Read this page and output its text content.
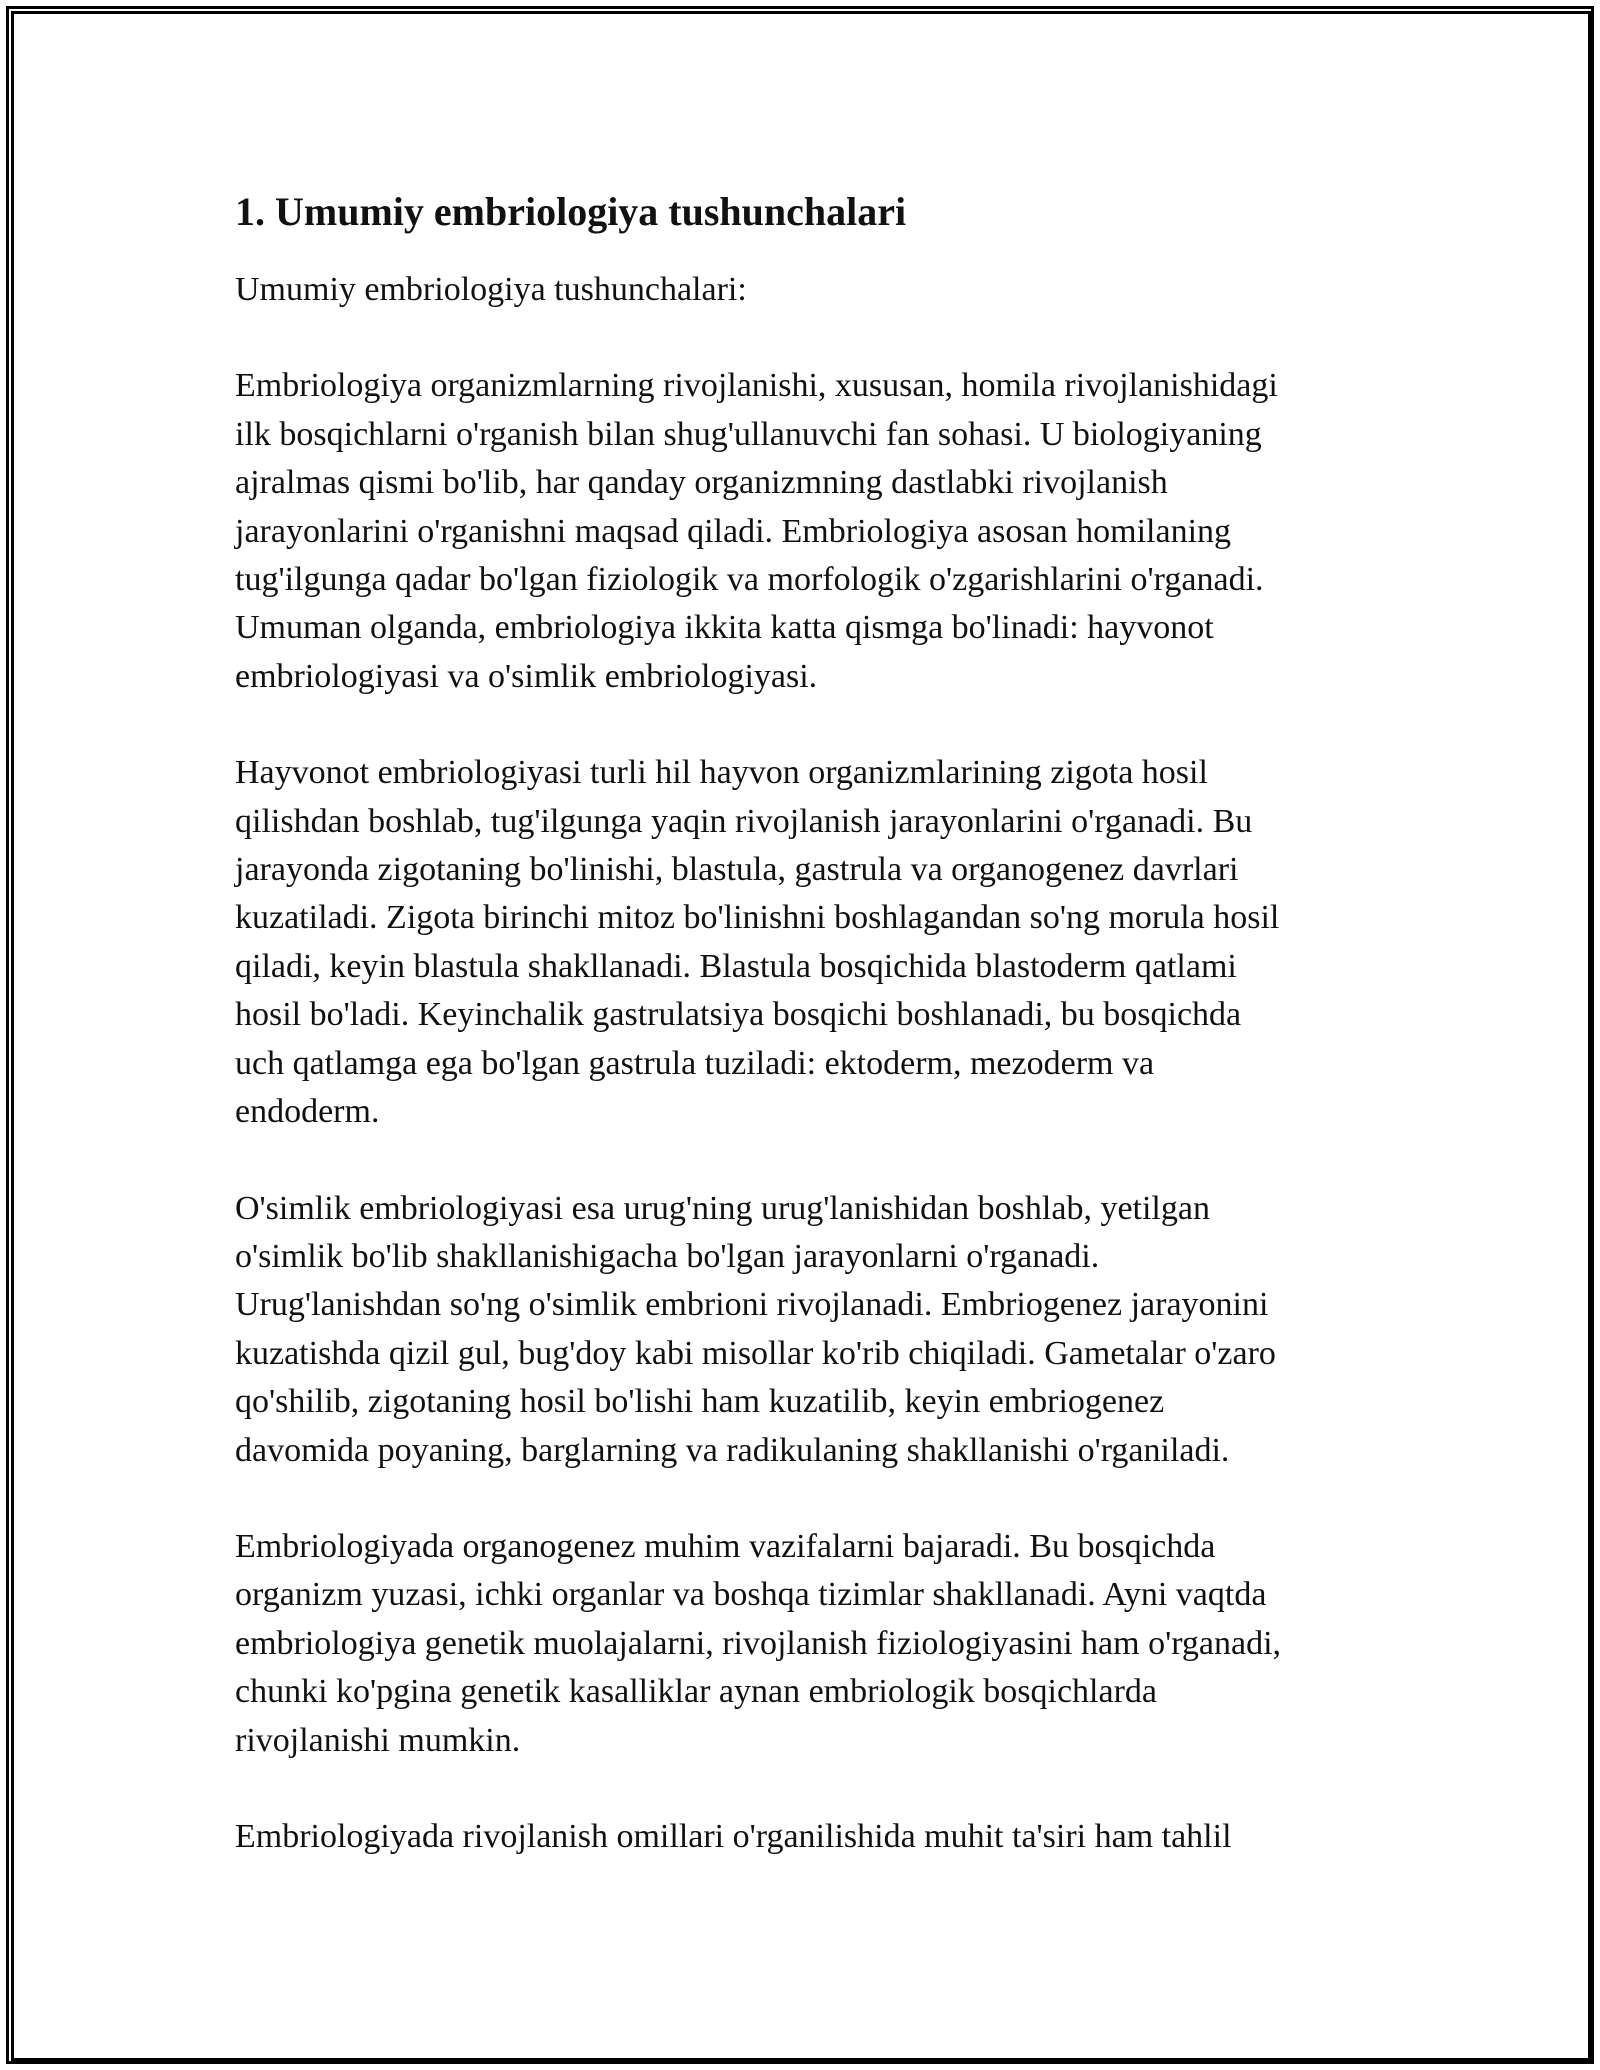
1. Umumiy embriologiya tushunchalari

Umumiy embriologiya tushunchalari:

Embriologiya organizmlarning rivojlanishi, xususan, homila rivojlanishidagi
ilk bosqichlarni o'rganish bilan shug'ullanuvchi fan sohasi. U biologiyaning
ajralmas qismi bo'lib, har qanday organizmning dastlabki rivojlanish
jarayonlarini o'rganishni maqsad qiladi. Embriologiya asosan homilaning
tug'ilgunga qadar bo'lgan fiziologik va morfologik o'zgarishlarini o'rganadi.
Umuman olganda, embriologiya ikkita katta qismga bo'linadi: hayvonot
embriologiyasi va o'simlik embriologiyasi.

Hayvonot embriologiyasi turli hil hayvon organizmlarining zigota hosil
qilishdan boshlab, tug'ilgunga yaqin rivojlanish jarayonlarini o'rganadi. Bu
jarayonda zigotaning bo'linishi, blastula, gastrula va organogenez davrlari
kuzatiladi. Zigota birinchi mitoz bo'linishni boshlagandan so'ng morula hosil
qiladi, keyin blastula shakllanadi. Blastula bosqichida blastoderm qatlami
hosil bo'ladi. Keyinchalik gastrulatsiya bosqichi boshlanadi, bu bosqichda
uch qatlamga ega bo'lgan gastrula tuziladi: ektoderm, mezoderm va
endoderm.

O'simlik embriologiyasi esa urug'ning urug'lanishidan boshlab, yetilgan
o'simlik bo'lib shakllanishigacha bo'lgan jarayonlarni o'rganadi.
Urug'lanishdan so'ng o'simlik embrioni rivojlanadi. Embriogenez jarayonini
kuzatishda qizil gul, bug'doy kabi misollar ko'rib chiqiladi. Gametalar o'zaro
qo'shilib, zigotaning hosil bo'lishi ham kuzatilib, keyin embriogenez
davomida poyaning, barglarning va radikulaning shakllanishi o'rganiladi.

Embriologiyada organogenez muhim vazifalarni bajaradi. Bu bosqichda
organizm yuzasi, ichki organlar va boshqa tizimlar shakllanadi. Ayni vaqtda
embriologiya genetik muolajalarni, rivojlanish fiziologiyasini ham o'rganadi,
chunki ko'pgina genetik kasalliklar aynan embriologik bosqichlarda
rivojlanishi mumkin.

Embriologiyada rivojlanish omillari o'rganilishida muhit ta'siri ham tahlil
